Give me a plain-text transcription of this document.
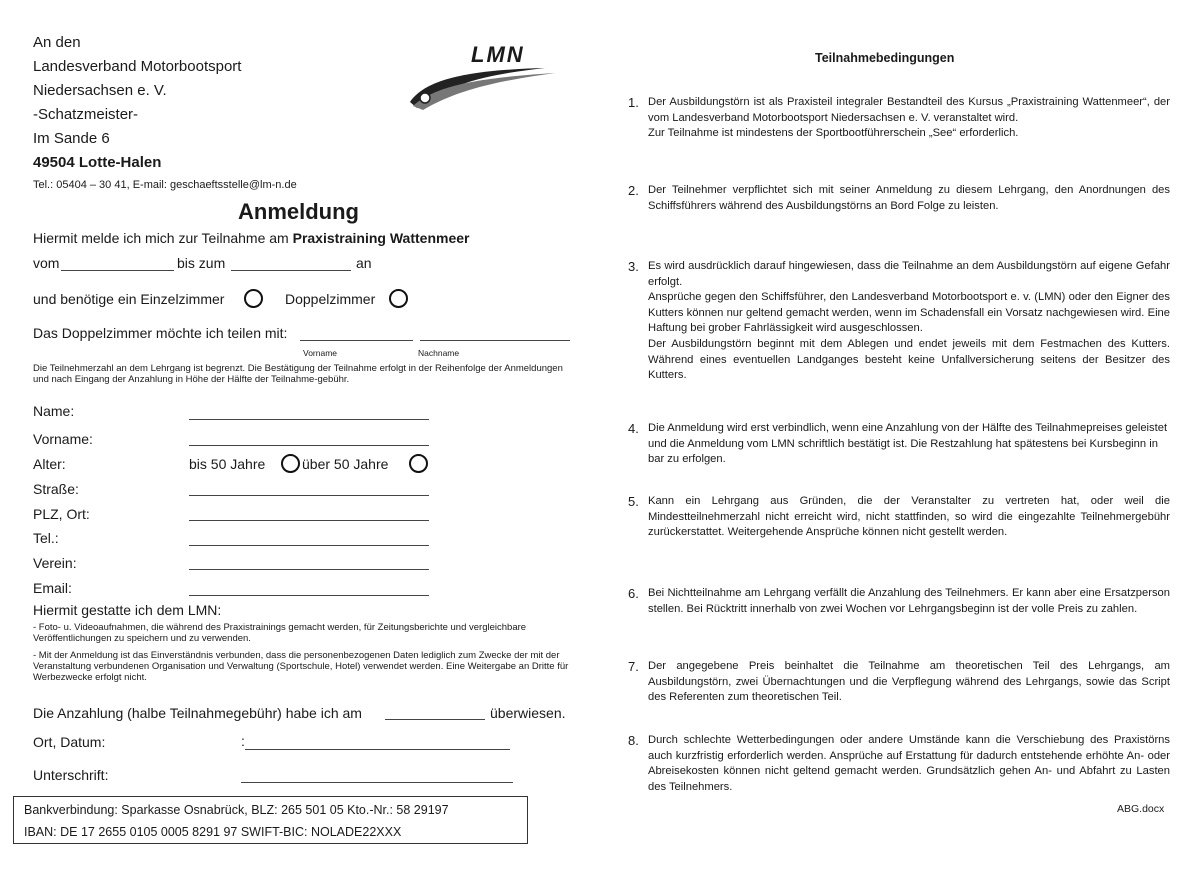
An den
Landesverband Motorbootsport
Niedersachsen e. V.
-Schatzmeister-
Im Sande 6
49504 Lotte-Halen
Tel.: 05404 – 30 41, E-mail: geschaeftsstelle@lm-n.de
LMN
Anmeldung
Hiermit melde ich mich zur Teilnahme am Praxistraining Wattenmeer
vom	bis zum	an
und benötige ein Einzelzimmer	Doppelzimmer
Das Doppelzimmer möchte ich teilen mit:
Vorname	Nachname
Die Teilnehmerzahl an dem Lehrgang ist begrenzt. Die Bestätigung der Teilnahme erfolgt in der Reihenfolge der Anmeldungen und nach Eingang der Anzahlung in Höhe der Hälfte der Teilnahme-gebühr.
Name:
Vorname:
Alter:	bis 50 Jahre	über 50 Jahre
Straße:
PLZ, Ort:
Tel.:
Verein:
Email:
Hiermit gestatte ich dem LMN:
- Foto- u. Videoaufnahmen, die während des Praxistrainings gemacht werden, für Zeitungsberichte und vergleichbare Veröffentlichungen zu speichern und zu verwenden.
- Mit der Anmeldung ist das Einverständnis verbunden, dass die personenbezogenen Daten lediglich zum Zwecke der mit der Veranstaltung verbundenen Organisation und Verwaltung (Sportschule, Hotel) verwendet werden. Eine Weitergabe an Dritte für Werbezwecke erfolgt nicht.
Die Anzahlung (halbe Teilnahmegebühr) habe ich am	überwiesen.
Ort, Datum:	:
Unterschrift:
Bankverbindung: Sparkasse Osnabrück, BLZ: 265 501 05 Kto.-Nr.: 58 29197
IBAN: DE 17 2655 0105 0005 8291 97 SWIFT-BIC: NOLADE22XXX
Teilnahmebedingungen
1. Der Ausbildungstörn ist als Praxisteil integraler Bestandteil des Kursus „Praxistraining Wattenmeer“, der vom Landesverband Motorbootsport Niedersachsen e. V. veranstaltet wird.

Zur Teilnahme ist mindestens der Sportbootführerschein „See“ erforderlich.

2. Der Teilnehmer verpflichtet sich mit seiner Anmeldung zu diesem Lehrgang, den Anordnungen des Schiffsführers während des Ausbildungstörns an Bord Folge zu leisten.

3. Es wird ausdrücklich darauf hingewiesen, dass die Teilnahme an dem Ausbildungstörn auf eigene Gefahr erfolgt.

Ansprüche gegen den Schiffsführer, den Landesverband Motorbootsport e. v. (LMN) oder den Eigner des Kutters können nur geltend gemacht werden, wenn im Schadensfall ein Vorsatz nachgewiesen wird. Eine Haftung bei grober Fahrlässigkeit wird ausgeschlossen.

Der Ausbildungstörn beginnt mit dem Ablegen und endet jeweils mit dem Festmachen des Kutters. Während eines eventuellen Landganges besteht keine Unfallversicherung seitens der Besitzer des Kutters.

4. Die Anmeldung wird erst verbindlich, wenn eine Anzahlung von der Hälfte des Teilnahmepreises geleistet und die Anmeldung vom LMN schriftlich bestätigt ist. Die Restzahlung hat spätestens bei Kursbeginn in bar zu erfolgen.

5. Kann ein Lehrgang aus Gründen, die der Veranstalter zu vertreten hat, oder weil die Mindestteilnehmerzahl nicht erreicht wird, nicht stattfinden, so wird die eingezahlte Teilnehmergebühr zurückerstattet. Weitergehende Ansprüche können nicht gestellt werden.

6. Bei Nichtteilnahme am Lehrgang verfällt die Anzahlung des Teilnehmers. Er kann aber eine Ersatzperson stellen. Bei Rücktritt innerhalb von zwei Wochen vor Lehrgangsbeginn ist der volle Preis zu zahlen.

7. Der angegebene Preis beinhaltet die Teilnahme am theoretischen Teil des Lehrgangs, am Ausbildungstörn, zwei Übernachtungen und die Verpflegung während des Lehrgangs, sowie das Script des Referenten zum theoretischen Teil.

8. Durch schlechte Wetterbedingungen oder andere Umstände kann die Verschiebung des Praxistörns auch kurzfristig erforderlich werden. Ansprüche auf Erstattung für dadurch entstehende erhöhte An- oder Abreisekosten können nicht geltend gemacht werden. Grundsätzlich gehen An- und Abfahrt zu Lasten des Teilnehmers.

ABG.docx
